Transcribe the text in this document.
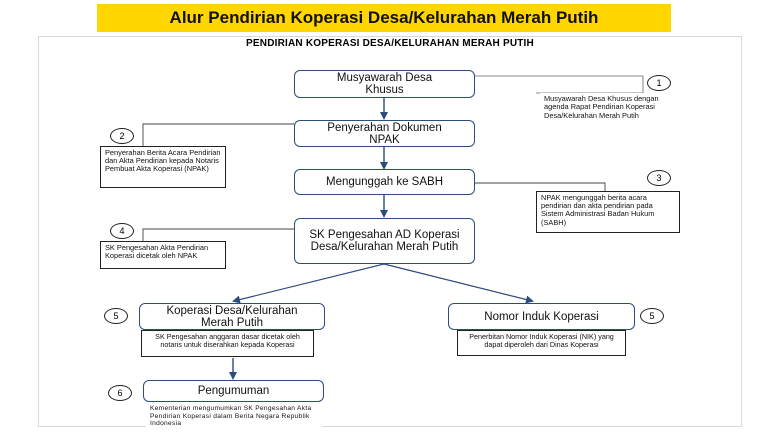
Alur Pendirian Koperasi Desa/Kelurahan Merah Putih
PENDIRIAN KOPERASI DESA/KELURAHAN MERAH PUTIH
Musyawarah Desa Khusus
Penyerahan Dokumen NPAK
Mengunggah ke SABH
SK Pengesahan AD Koperasi Desa/Kelurahan Merah Putih
Koperasi Desa/Kelurahan Merah Putih	Nomor Induk Koperasi
Pengumuman
Musyawarah Desa Khusus dengan agenda Rapat Pendirian Koperasi Desa/Kelurahan Merah Putih
Penyerahan Berita Acara Pendirian dan Akta Pendirian kepada Notaris Pembuat Akta Koperasi (NPAK)
NPAK mengunggah berita acara pendirian dan akta pendirian pada Sistem Administrasi Badan Hukum (SABH)
SK Pengesahan Akta Pendirian Koperasi dicetak oleh NPAK
SK Pengesahan anggaran dasar dicetak oleh notaris untuk diserahkan kepada Koperasi
Penerbitan Nomor Induk Koperasi (NIK) yang dapat diperoleh dari Dinas Koperasi
Kementerian mengumumkan SK Pengesahan Akta Pendirian Koperasi dalam Berita Negara Republik Indonesia
1
2
3
4
5	5
6
